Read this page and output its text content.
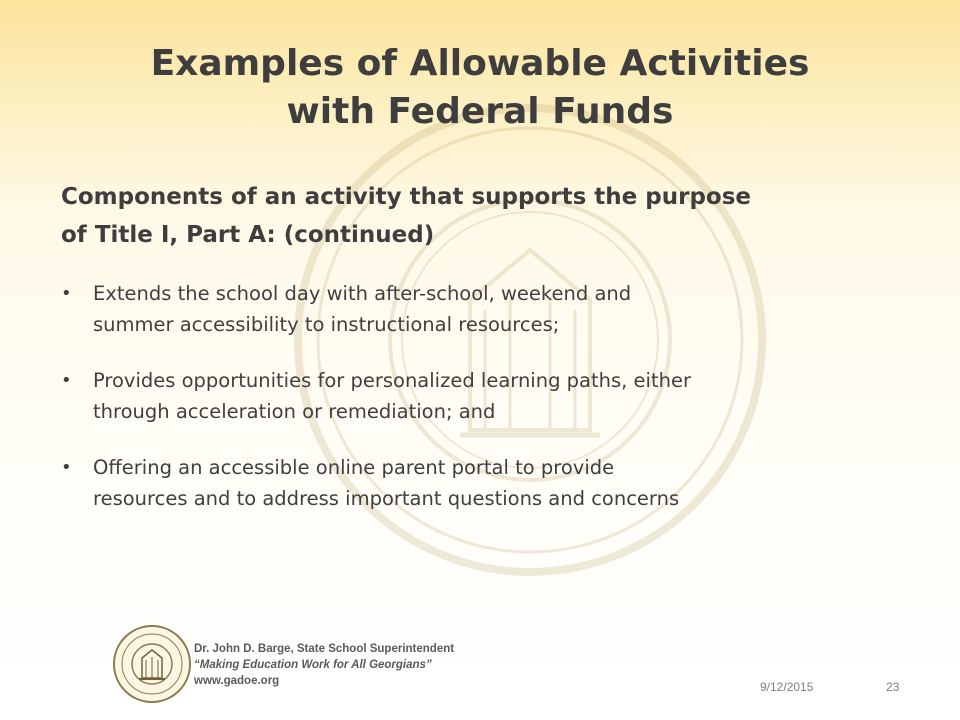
Examples of Allowable Activities
with Federal Funds
Components of an activity that supports the purpose
of Title I, Part A: (continued)
• Extends the school day with after-school, weekend and
summer accessibility to instructional resources;
• Provides opportunities for personalized learning paths, either
through acceleration or remediation; and
• Offering an accessible online parent portal to provide
resources and to address important questions and concerns
Dr. John D. Barge, State School Superintendent
“Making Education Work for All Georgians”
www.gadoe.org	9/12/2015	23
